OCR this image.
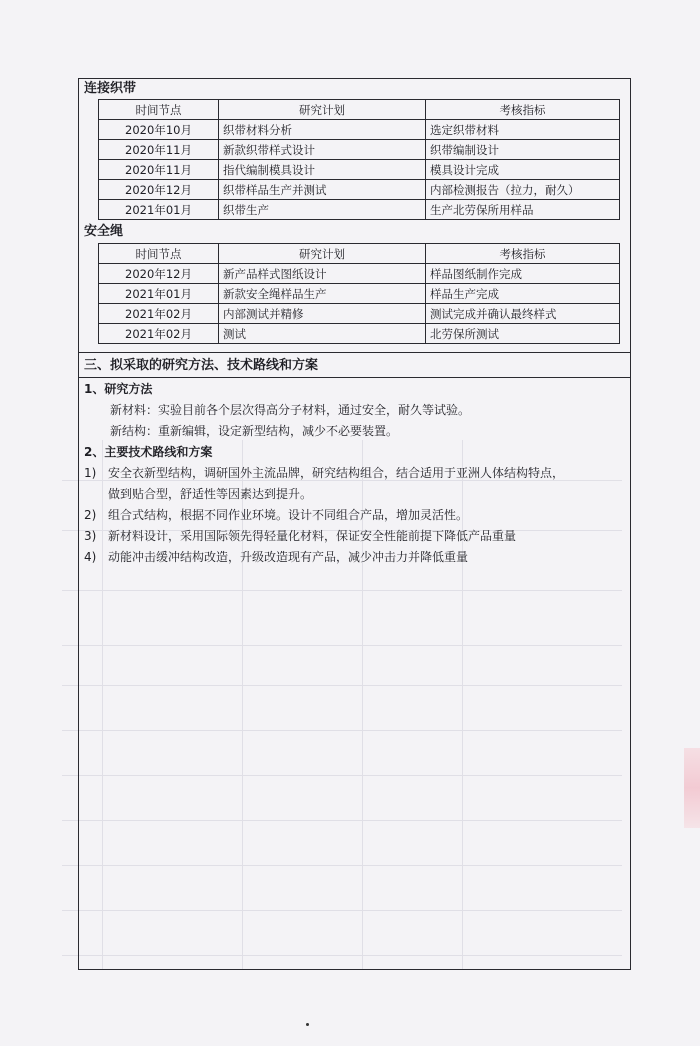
连接织带
时间节点	研究计划	考核指标
2020年10月	织带材料分析	选定织带材料
2020年11月	新款织带样式设计	织带编制设计
2020年11月	指代编制模具设计	模具设计完成
2020年12月	织带样品生产并测试	内部检测报告（拉力，耐久）
2021年01月	织带生产	生产北劳保所用样品
安全绳
时间节点	研究计划	考核指标
2020年12月	新产品样式图纸设计	样品图纸制作完成
2021年01月	新款安全绳样品生产	样品生产完成
2021年02月	内部测试并精修	测试完成并确认最终样式
2021年02月	测试	北劳保所测试
三、拟采取的研究方法、技术路线和方案

1、研究方法

新材料：实验目前各个层次得高分子材料，通过安全，耐久等试验。

新结构：重新编辑，设定新型结构，减少不必要装置。

2、主要技术路线和方案

1) 安全衣新型结构，调研国外主流品牌，研究结构组合，结合适用于亚洲人体结构特点，

做到贴合型，舒适性等因素达到提升。

2) 组合式结构，根据不同作业环境。设计不同组合产品，增加灵活性。
3) 新材料设计，采用国际领先得轻量化材料，保证安全性能前提下降低产品重量
4) 动能冲击缓冲结构改造，升级改造现有产品，减少冲击力并降低重量
